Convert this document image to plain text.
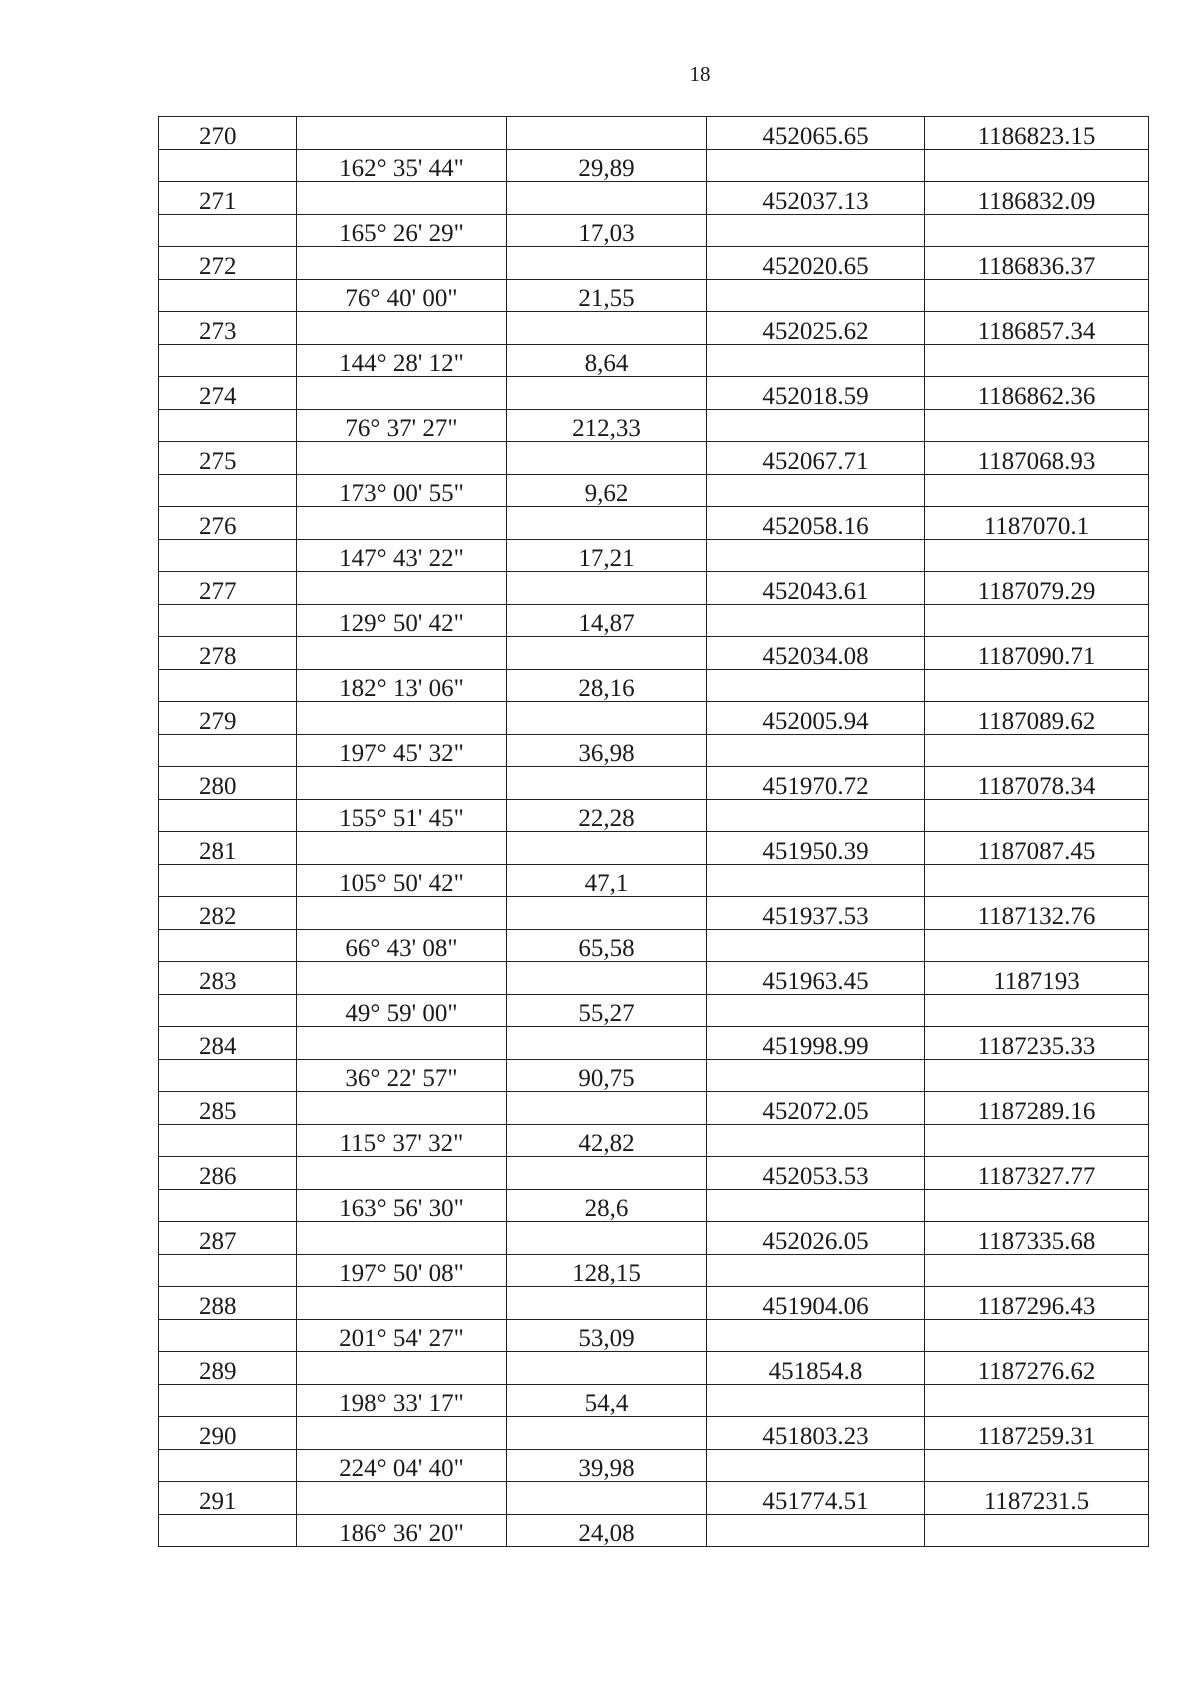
18
270			452065.65	1186823.15
	162° 35' 44"	29,89		
271			452037.13	1186832.09
	165° 26' 29"	17,03		
272			452020.65	1186836.37
	76° 40' 00"	21,55		
273			452025.62	1186857.34
	144° 28' 12"	8,64		
274			452018.59	1186862.36
	76° 37' 27"	212,33		
275			452067.71	1187068.93
	173° 00' 55"	9,62		
276			452058.16	1187070.1
	147° 43' 22"	17,21		
277			452043.61	1187079.29
	129° 50' 42"	14,87		
278			452034.08	1187090.71
	182° 13' 06"	28,16		
279			452005.94	1187089.62
	197° 45' 32"	36,98		
280			451970.72	1187078.34
	155° 51' 45"	22,28		
281			451950.39	1187087.45
	105° 50' 42"	47,1		
282			451937.53	1187132.76
	66° 43' 08"	65,58		
283			451963.45	1187193
	49° 59' 00"	55,27		
284			451998.99	1187235.33
	36° 22' 57"	90,75		
285			452072.05	1187289.16
	115° 37' 32"	42,82		
286			452053.53	1187327.77
	163° 56' 30"	28,6		
287			452026.05	1187335.68
	197° 50' 08"	128,15		
288			451904.06	1187296.43
	201° 54' 27"	53,09		
289			451854.8	1187276.62
	198° 33' 17"	54,4		
290			451803.23	1187259.31
	224° 04' 40"	39,98		
291			451774.51	1187231.5
	186° 36' 20"	24,08		
